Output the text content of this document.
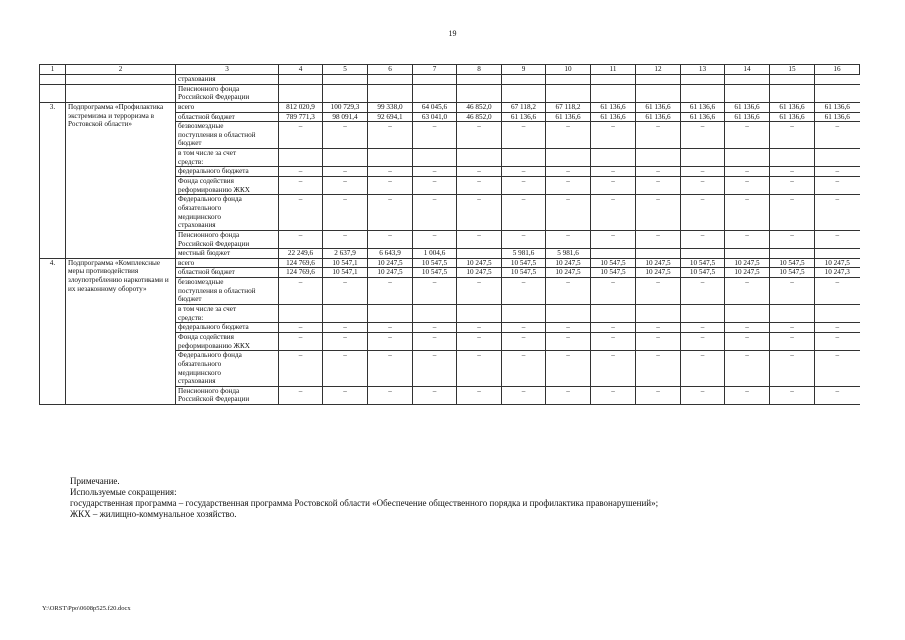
19
1	2	3	4	5	6	7	8	9	10	11	12	13	14	15	16

		страхования													

		Пенсионного фонда
Российской Федерации													

3.	Подпрограмма «Профилактика экстремизма и терроризма в Ростовской области»	всего	812 020,9	100 729,3	99 338,0	64 045,6	46 852,0	67 118,2	67 118,2	61 136,6	61 136,6	61 136,6	61 136,6	61 136,6	61 136,6

		областной бюджет	789 771,3	98 091,4	92 694,1	63 041,0	46 852,0	61 136,6	61 136,6	61 136,6	61 136,6	61 136,6	61 136,6	61 136,6	61 136,6

		безвозмездные
поступления в областной
бюджет	–	–	–	–	–	–	–	–	–	–	–	–	–

		в том числе за счет
средств:													

		федерального бюджета	–	–	–	–	–	–	–	–	–	–	–	–	–

		Фонда содействия
реформированию ЖКХ	–	–	–	–	–	–	–	–	–	–	–	–	–

		Федерального фонда
обязательного
медицинского
страхования	–	–	–	–	–	–	–	–	–	–	–	–	–

		Пенсионного фонда
Российской Федерации	–	–	–	–	–	–	–	–	–	–	–	–	–

		местный бюджет	22 249,6	2 637,9	6 643,9	1 004,6		5 981,6	5 981,6						
4.	Подпрограмма «Комплексные меры противодействия злоупотреблению наркотиками и их незаконному обороту»	всего	124 769,6	10 547,1	10 247,5	10 547,5	10 247,5	10 547,5	10 247,5	10 547,5	10 247,5	10 547,5	10 247,5	10 547,5	10 247,5

		областной бюджет	124 769,6	10 547,1	10 247,5	10 547,5	10 247,5	10 547,5	10 247,5	10 547,5	10 247,5	10 547,5	10 247,5	10 547,5	10 247,3

		безвозмездные
поступления в областной
бюджет	–	–	–	–	–	–	–	–	–	–	–	–	–

		в том числе за счет
средств:													

		федерального бюджета	–	–	–	–	–	–	–	–	–	–	–	–	–

		Фонда содействия
реформированию ЖКХ	–	–	–	–	–	–	–	–	–	–	–	–	–

		Федерального фонда
обязательного
медицинского
страхования	–	–	–	–	–	–	–	–	–	–	–	–	–

		Пенсионного фонда
Российской Федерации	–	–	–	–	–	–	–	–	–	–	–	–	–
Примечание.
Используемые сокращения:
государственная программа – государственная программа Ростовской области «Обеспечение общественного порядка и профилактика правонарушений»;
ЖКХ – жилищно-коммунальное хозяйство.
Y:\ORST\Ppo\0608p525.f20.docx
